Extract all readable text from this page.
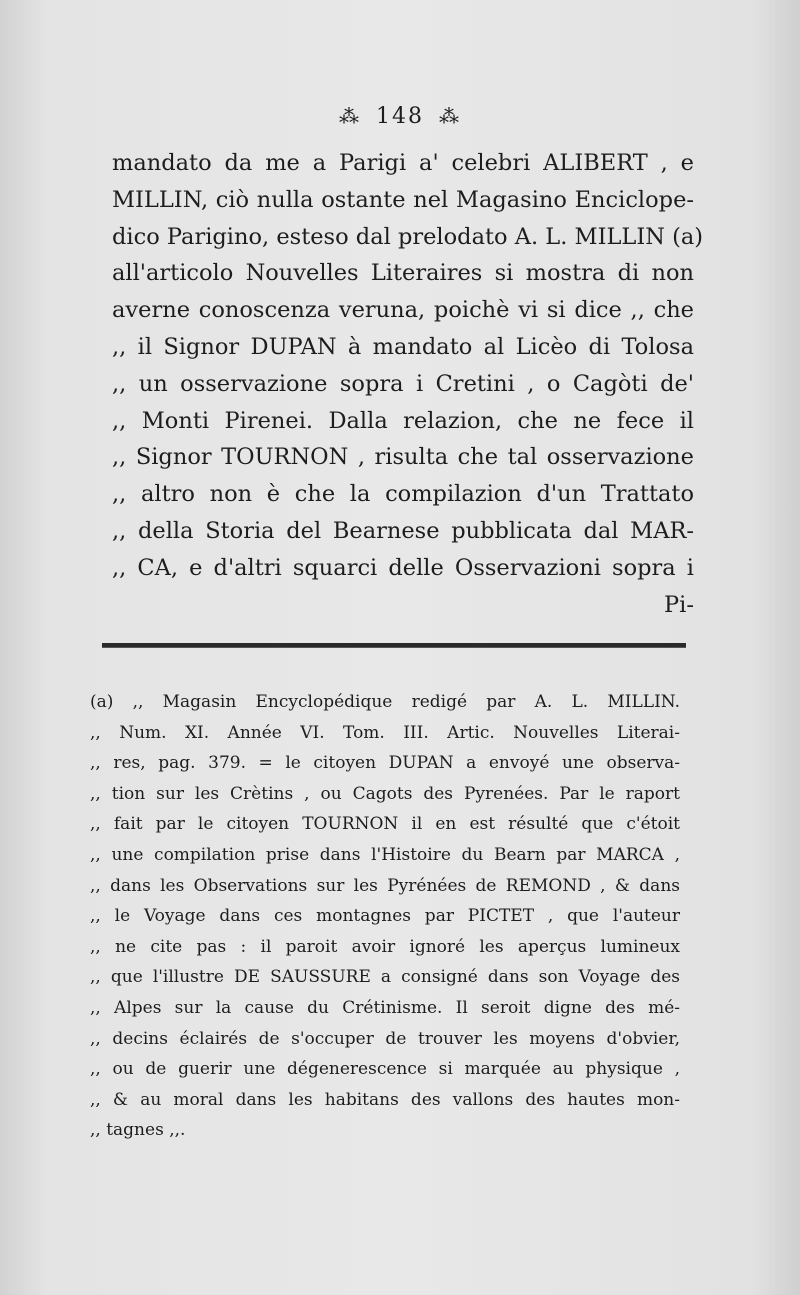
⁂ 148 ⁂
mandato da me a Parigi a' celebri ALIBERT , e
MILLIN, ciò nulla ostante nel Magasino Enciclope-
dico Parigino, esteso dal prelodato A. L. MILLIN (a)
all'articolo Nouvelles Literaires si mostra di non
averne conoscenza veruna, poichè vi si dice ,, che
,, il Signor DUPAN à mandato al Licèo di Tolosa
,, un osservazione sopra i Cretini , o Cagòti de'
,, Monti Pirenei. Dalla relazion, che ne fece il
,, Signor TOURNON , risulta che tal osservazione
,, altro non è che la compilazion d'un Trattato
,, della Storia del Bearnese pubblicata dal MAR-
,, CA, e d'altri squarci delle Osservazioni sopra i
Pi-
(a) ,, Magasin Encyclopédique redigé par A. L. MILLIN.
,, Num. XI. Année VI. Tom. III. Artic. Nouvelles Literai-
,, res, pag. 379. = le citoyen DUPAN a envoyé une observa-
,, tion sur les Crètins , ou Cagots des Pyrenées. Par le raport
,, fait par le citoyen TOURNON il en est résulté que c'étoit
,, une compilation prise dans l'Histoire du Bearn par MARCA ,
,, dans les Observations sur les Pyrénées de REMOND , & dans
,, le Voyage dans ces montagnes par PICTET , que l'auteur
,, ne cite pas : il paroit avoir ignoré les aperçus lumineux
,, que l'illustre DE SAUSSURE a consigné dans son Voyage des
,, Alpes sur la cause du Crétinisme. Il seroit digne des mé-
,, decins éclairés de s'occuper de trouver les moyens d'obvier,
,, ou de guerir une dégenerescence si marquée au physique ,
,, & au moral dans les habitans des vallons des hautes mon-
,, tagnes ,,.
